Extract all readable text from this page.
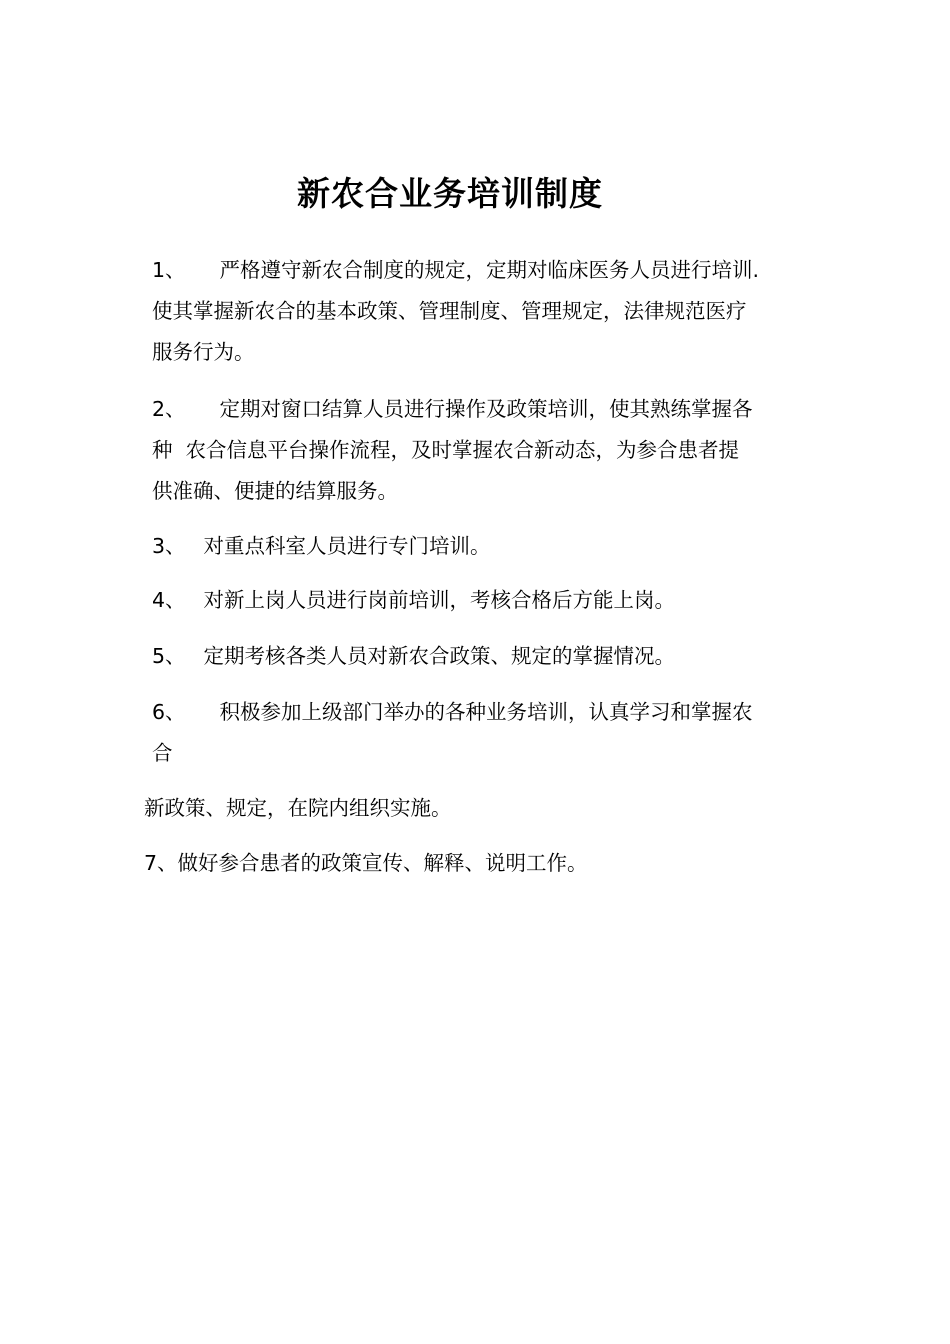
新农合业务培训制度
1、 严格遵守新农合制度的规定，定期对临床医务人员进行培训.
使其掌握新农合的基本政策、管理制度、管理规定，法律规范医疗
服务行为。
2、 定期对窗口结算人员进行操作及政策培训，使其熟练掌握各
种  农合信息平台操作流程，及时掌握农合新动态，为参合患者提
供准确、便捷的结算服务。
3、 对重点科室人员进行专门培训。
4、 对新上岗人员进行岗前培训，考核合格后方能上岗。
5、 定期考核各类人员对新农合政策、规定的掌握情况。
6、 积极参加上级部门举办的各种业务培训，认真学习和掌握农
合
新政策、规定，在院内组织实施。
7、做好参合患者的政策宣传、解释、说明工作。
